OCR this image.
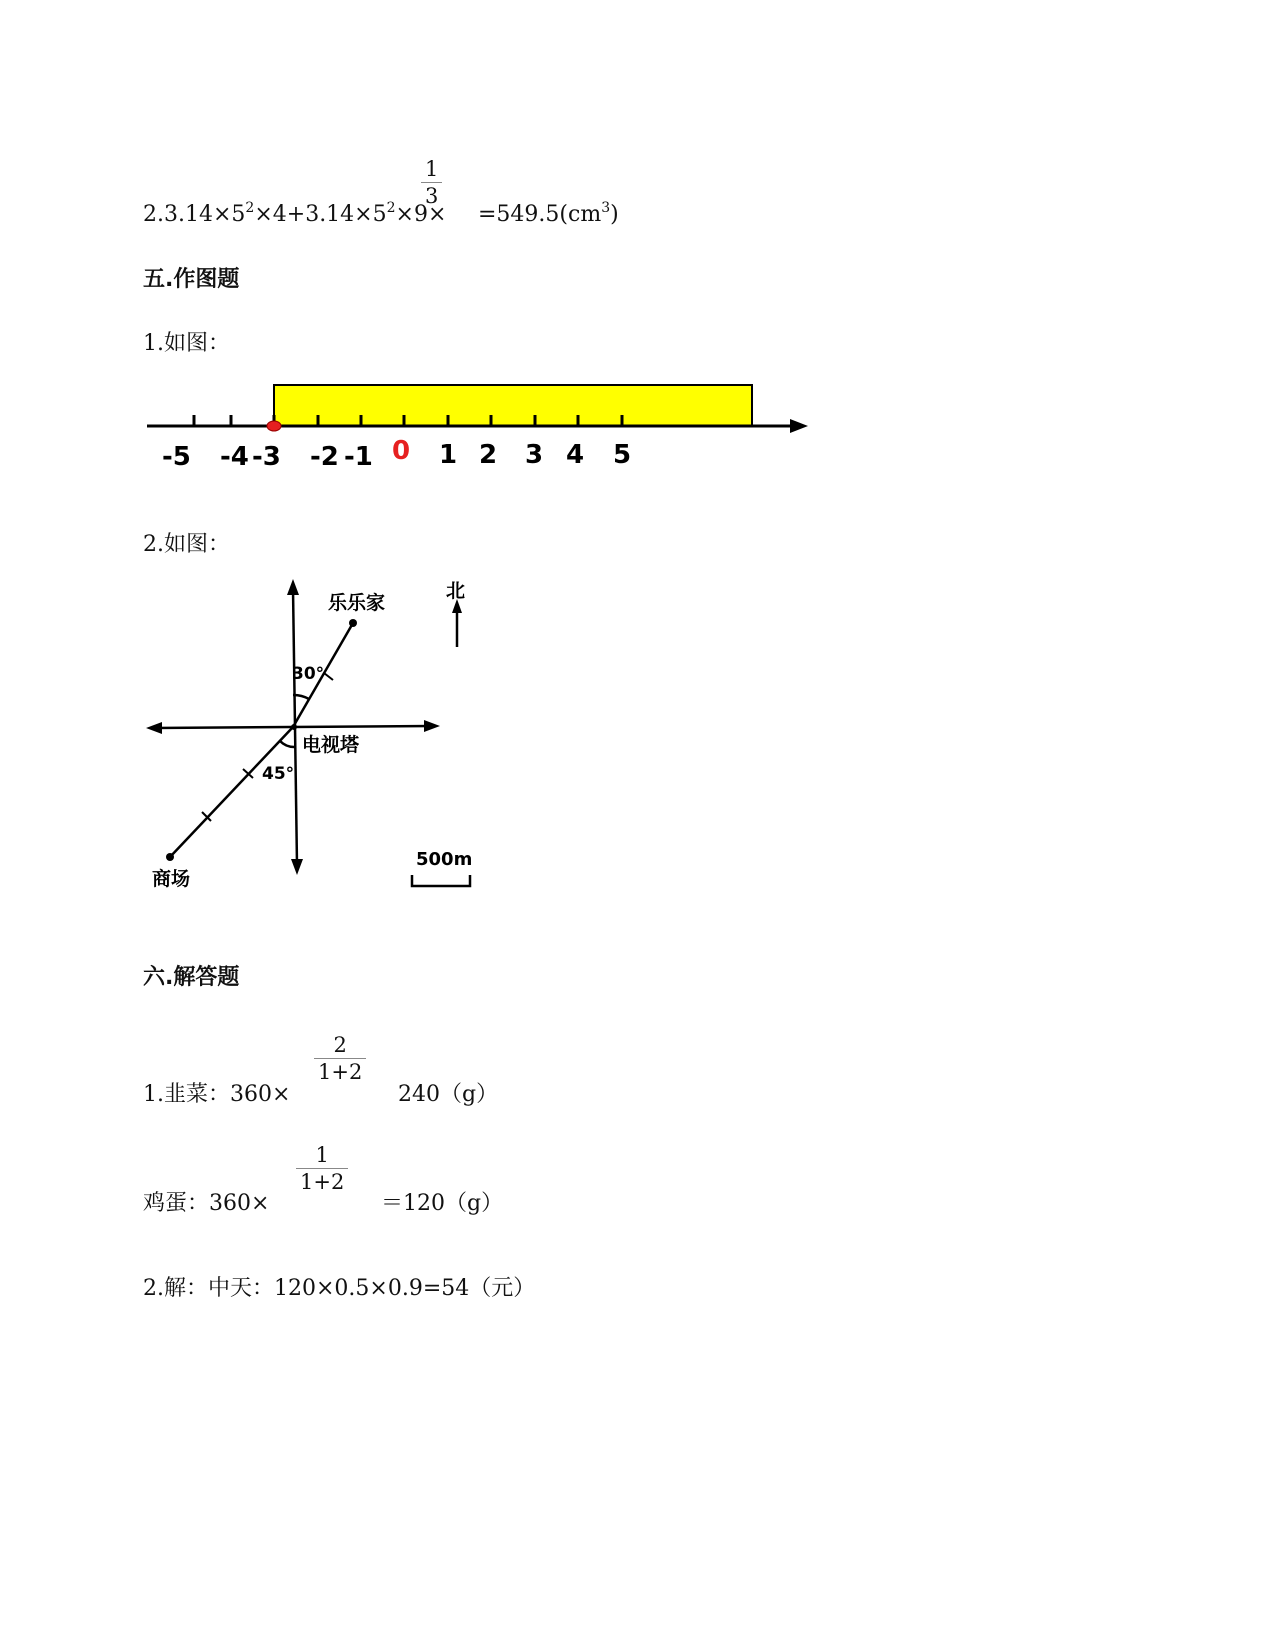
$\frac{1}{3}$
$2.3.14\times 5^2\times 4+3.14\times 5^2\times 9\times =549.5(cm^3)$
五.作图题
1.如图：
-5 -4 -3 -2 -1 0 1 2 3 4 5
2.如图：
乐乐家
北
30°
电视塔
45°
500m
商场
六.解答题
$\frac{2}{1+2}$
1.韭菜：360×	240（g）
$\frac{1}{1+2}$
鸡蛋：360×	＝120（g）
2.解：中天：120×0.5×0.9=54（元）
